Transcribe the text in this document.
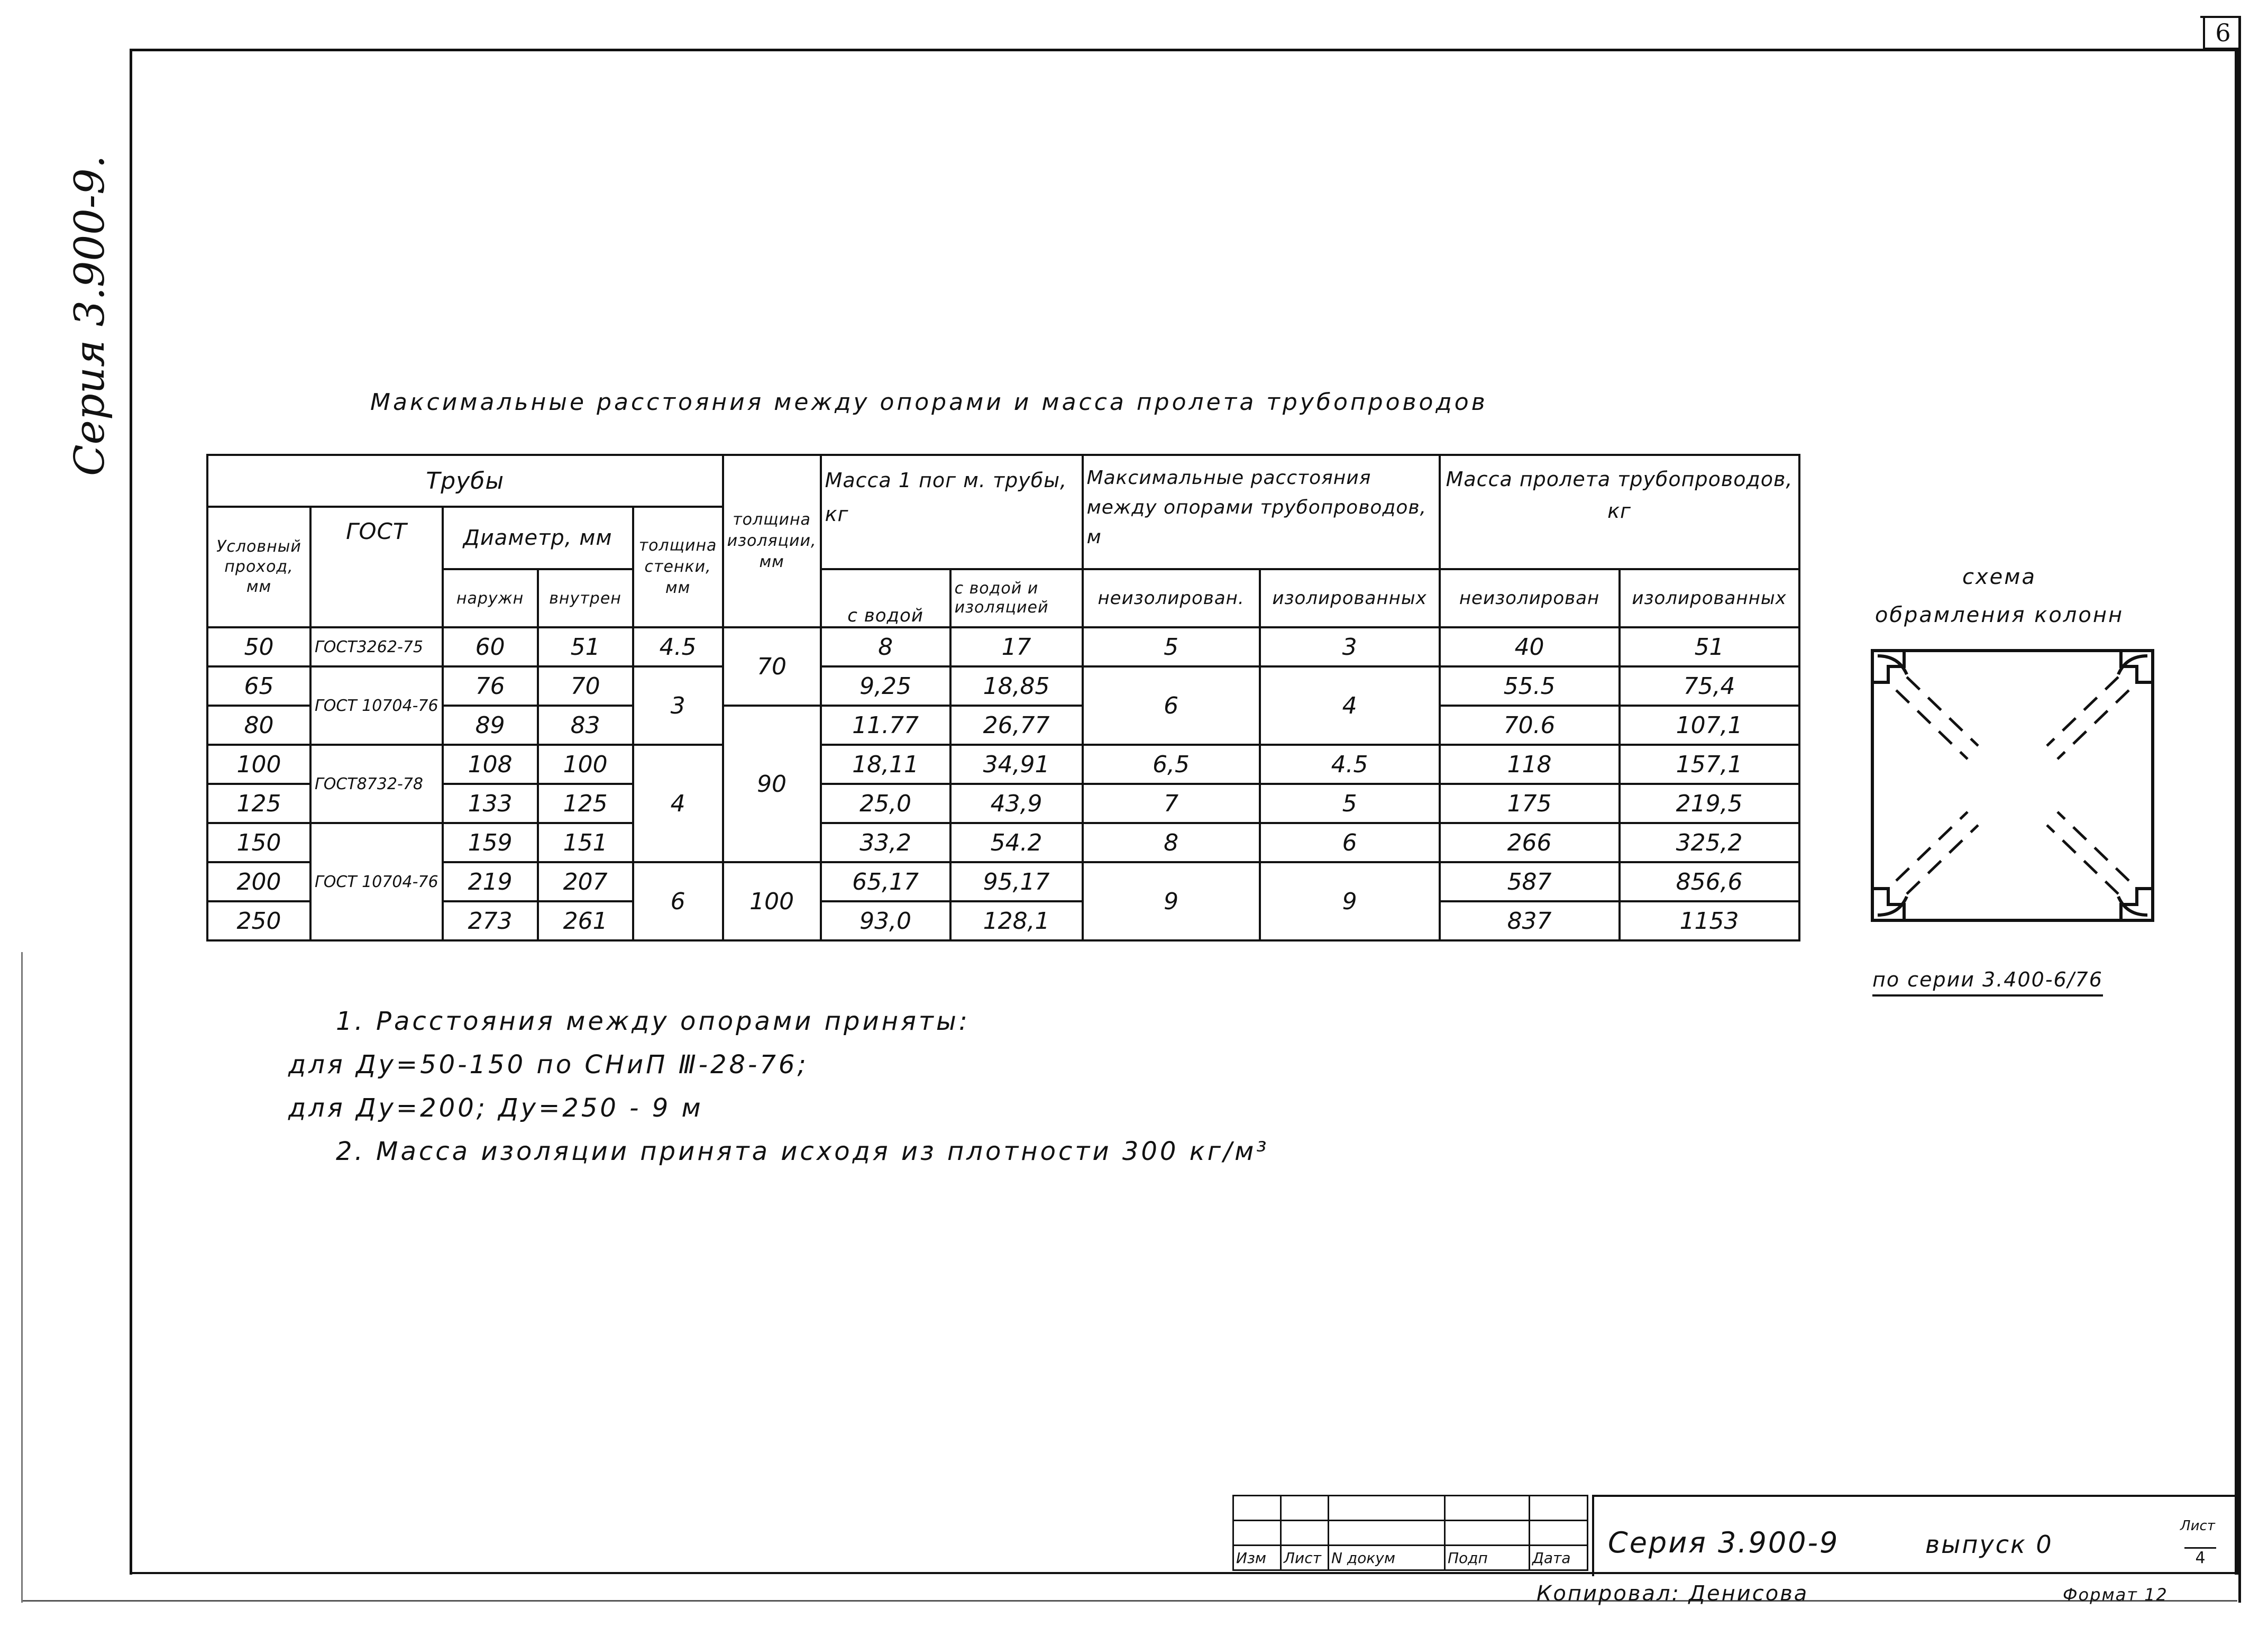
6
Серия 3.900-9.	Максимальные расстояния между опорами и масса пролета трубопроводов
Трубы					толщина изоляции, мм	Масса 1 пог м. трубы, кг		Максимальные расстояния между опорами трубопроводов, м		Масса пролета трубопроводов, кг	
Условный проход, мм	ГОСТ	Диаметр, мм		толщина стенки, мм							
		наружн	внутрен			с водой	с водой и изоляцией	неизолирован.	изолированных	неизолирован	изолированных
50	ГОСТ3262-75	60	51	4.5	70	8	17	5	3	40	51
65	ГОСТ 10704-76	76	70	3		9,25	18,85	6	4	55.5	75,4
80		89	83		90	11.77	26,77			70.6	107,1
100	ГОСТ8732-78	108	100	4		18,11	34,91	6,5	4.5	118	157,1
125		133	125			25,0	43,9	7	5	175	219,5
150	ГОСТ 10704-76	159	151			33,2	54.2	8	6	266	325,2
200		219	207	6	100	65,17	95,17	9	9	587	856,6
250		273	261			93,0	128,1			837	1153
схема
обрамления колонн
по серии 3.400-6/76
1. Расстояния между опорами приняты:
для Ду=50-150 по СНиП Ⅲ-28-76;
для Ду=200; Ду=250 - 9 м
2. Масса изоляции принята исходя из плотности 300 кг/м³

Изм	Лист	N докум	Подп	Дата Серия 3.900-9	выпуск 0
Лист
4
Копировал: Денисова	Формат 12
